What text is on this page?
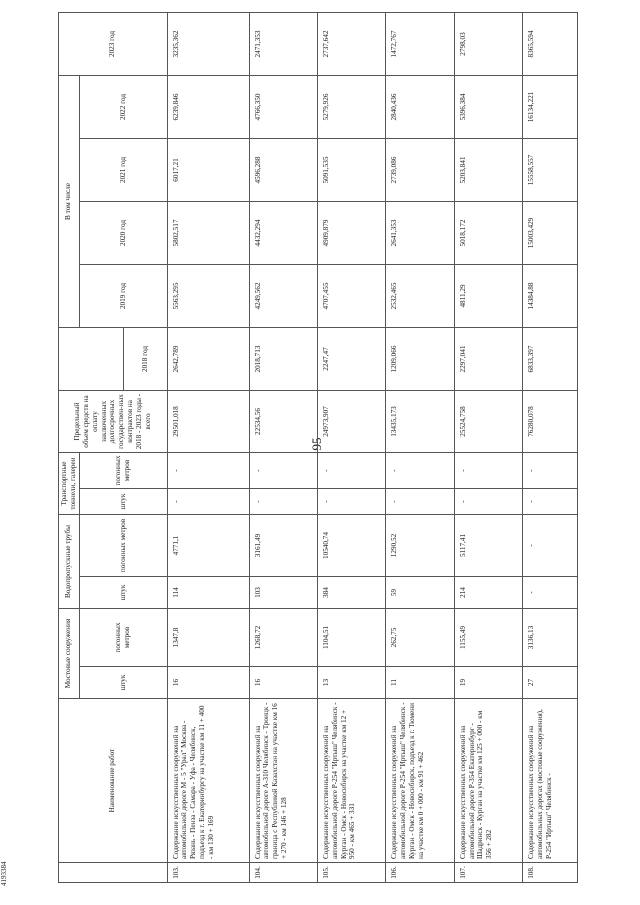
95
4193384
	Наименование работ	Мостовые сооружения		Водопропускные трубы		Транспортные тоннели, галереи		Предельный объем средств на оплату заключенных долгосрочных государствен-ных контрактов на 2018 - 2023 годы - всего		В том числе				2023 год
		штук	погонных метров	штук	погонных метров	штук	погонных метров			2019 год	2020 год	2021 год	2022 год	
									2018 год					
103.	Содержание искусственных сооружений на автомобильной дороге М - 5 "Урал" Москва - Рязань - Пенза - Самара - Уфа - Челябинск, подъезд к г. Екатеринбургу на участке км 11 + 400 - км 130 + 169	16	1347,8	114	4771,1	-	-	29501,018	2642,789	5563,295	5802,517	6017,21	6239,846	3235,362
104.	Содержание искусственных сооружений на автомобильной дороге А-310 Челябинск - Троицк - граница с Республикой Казахстан на участке км 16 + 270 - км 146 + 128	16	1268,72	103	3161,49	-	-	22534,56	2018,713	4249,562	4432,294	4596,288	4766,350	2471,353
105.	Содержание искусственных сооружений на автомобильной дороге Р-254 "Иртыш" Челябинск - Курган - Омск - Новосибирск на участке км 12 + 950 - км 465 + 331	13	1104,51	384	10540,74	-	-	24973,907	2247,47	4707,455	4909,879	5091,535	5279,926	2737,642
106.	Содержание искусственных сооружений на автомобильной дороге Р-254 "Иртыш" Челябинск - Курган - Омск - Новосибирск, подъезд к г. Тюмени на участке км 0 + 000 - км 91 + 462	11	262,75	59	1290,52	-	-	13435,173	1209,066	2532,465	2641,353	2739,086	2840,436	1472,767
107.	Содержание искусственных сооружений на автомобильной дороге Р-354 Екатеринбург - Шадринск - Курган на участке км 125 + 000 - км 356 + 282	19	1155,49	214	5117,41	-	-	25524,758	2297,041	4811,29	5018,172	5203,841	5396,384	2798,03
108.	Содержание искусственных сооружений на автомобильных дорогах (мостовые сооружения), Р-254 "Иртыш" Челябинск -	27	3136,13	-	-	-	-	76280,078	6833,397	14384,88	15003,429	15558,557	16134,221	8365,594
